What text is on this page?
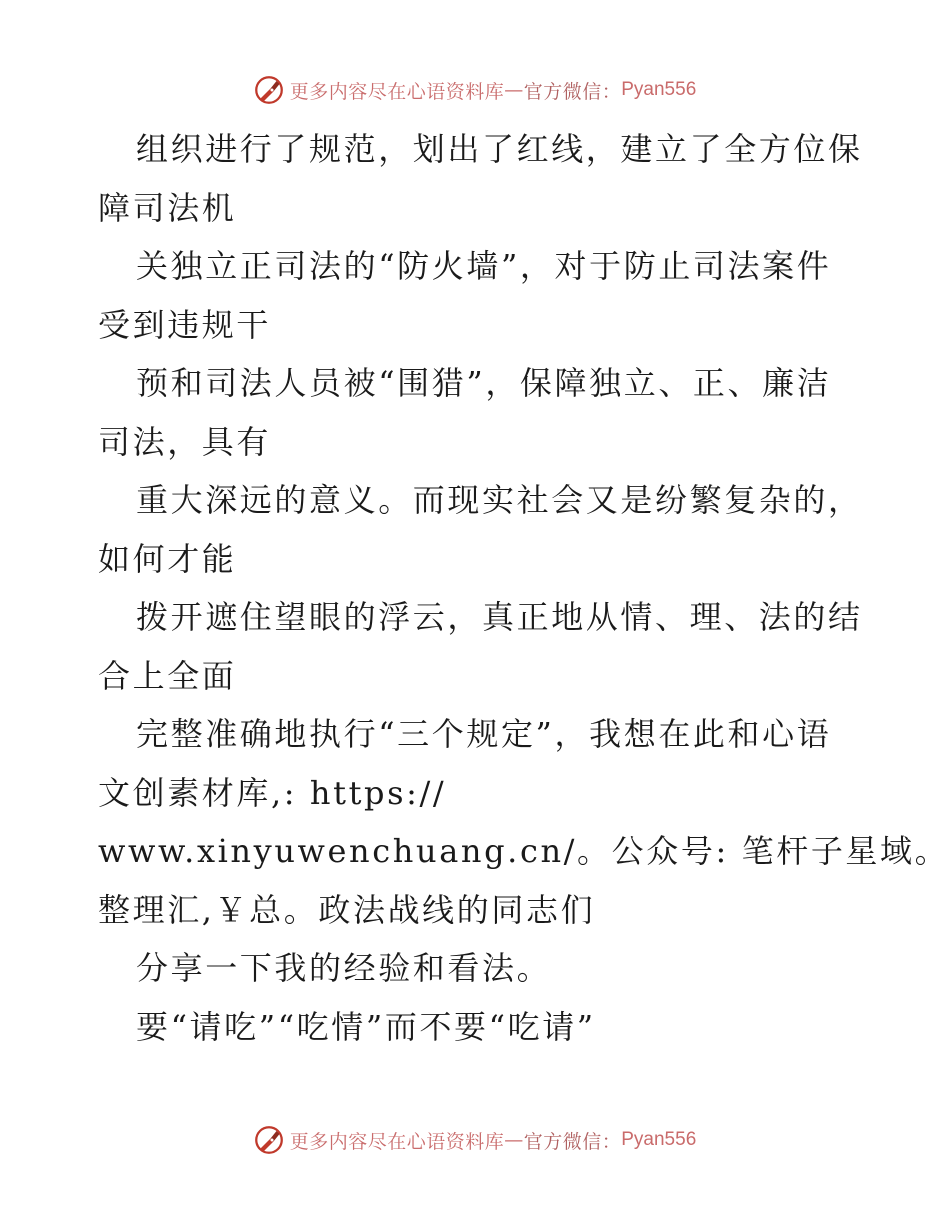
更多内容尽在心语资料库 — 官方微信： Pyan556
组织进行了规范，划出了红线，建立了全方位保
障司法机
关独立正司法的“防火墙”，对于防止司法案件
受到违规干
预和司法人员被“围猎”，保障独立、正、廉洁
司法，具有
重大深远的意义。而现实社会又是纷繁复杂的，
如何才能
拨开遮住望眼的浮云，真正地从情、理、法的结
合上全面
完整准确地执行“三个规定”，我想在此和心语
文创素材库,: https://
www.xinyuwenchuang.cn/。公众号: 笔杆子星域。
整理汇,￥总。政法战线的同志们
分享一下我的经验和看法。
要“请吃”“吃情”而不要“吃请”
更多内容尽在心语资料库 — 官方微信： Pyan556
